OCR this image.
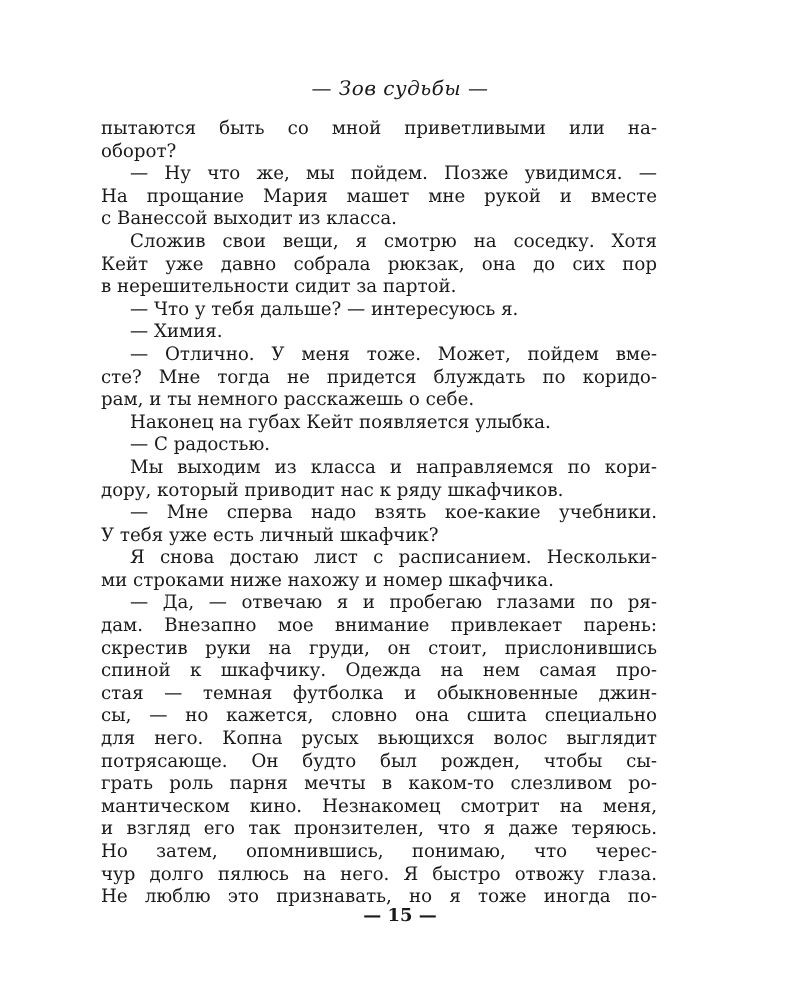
— Зов судьбы —
пытаются быть со мной приветливыми или на-
оборот?
— Ну что же, мы пойдем. Позже увидимся. —
На прощание Мария машет мне рукой и вместе
с Ванессой выходит из класса.
Сложив свои вещи, я смотрю на соседку. Хотя
Кейт уже давно собрала рюкзак, она до сих пор
в нерешительности сидит за партой.
— Что у тебя дальше? — интересуюсь я.
— Химия.
— Отлично. У меня тоже. Может, пойдем вме-
сте? Мне тогда не придется блуждать по коридо-
рам, и ты немного расскажешь о себе.
Наконец на губах Кейт появляется улыбка.
— С радостью.
Мы выходим из класса и направляемся по кори-
дору, который приводит нас к ряду шкафчиков.
— Мне сперва надо взять кое-какие учебники.
У тебя уже есть личный шкафчик?
Я снова достаю лист с расписанием. Нескольки-
ми строками ниже нахожу и номер шкафчика.
— Да, — отвечаю я и пробегаю глазами по ря-
дам. Внезапно мое внимание привлекает парень:
скрестив руки на груди, он стоит, прислонившись
спиной к шкафчику. Одежда на нем самая про-
стая — темная футболка и обыкновенные джин-
сы, — но кажется, словно она сшита специально
для него. Копна русых вьющихся волос выглядит
потрясающе. Он будто был рожден, чтобы сы-
грать роль парня мечты в каком-то слезливом ро-
мантическом кино. Незнакомец смотрит на меня,
и взгляд его так пронзителен, что я даже теряюсь.
Но затем, опомнившись, понимаю, что черес-
чур долго пялюсь на него. Я быстро отвожу глаза.
Не люблю это признавать, но я тоже иногда по-
— 15 —
